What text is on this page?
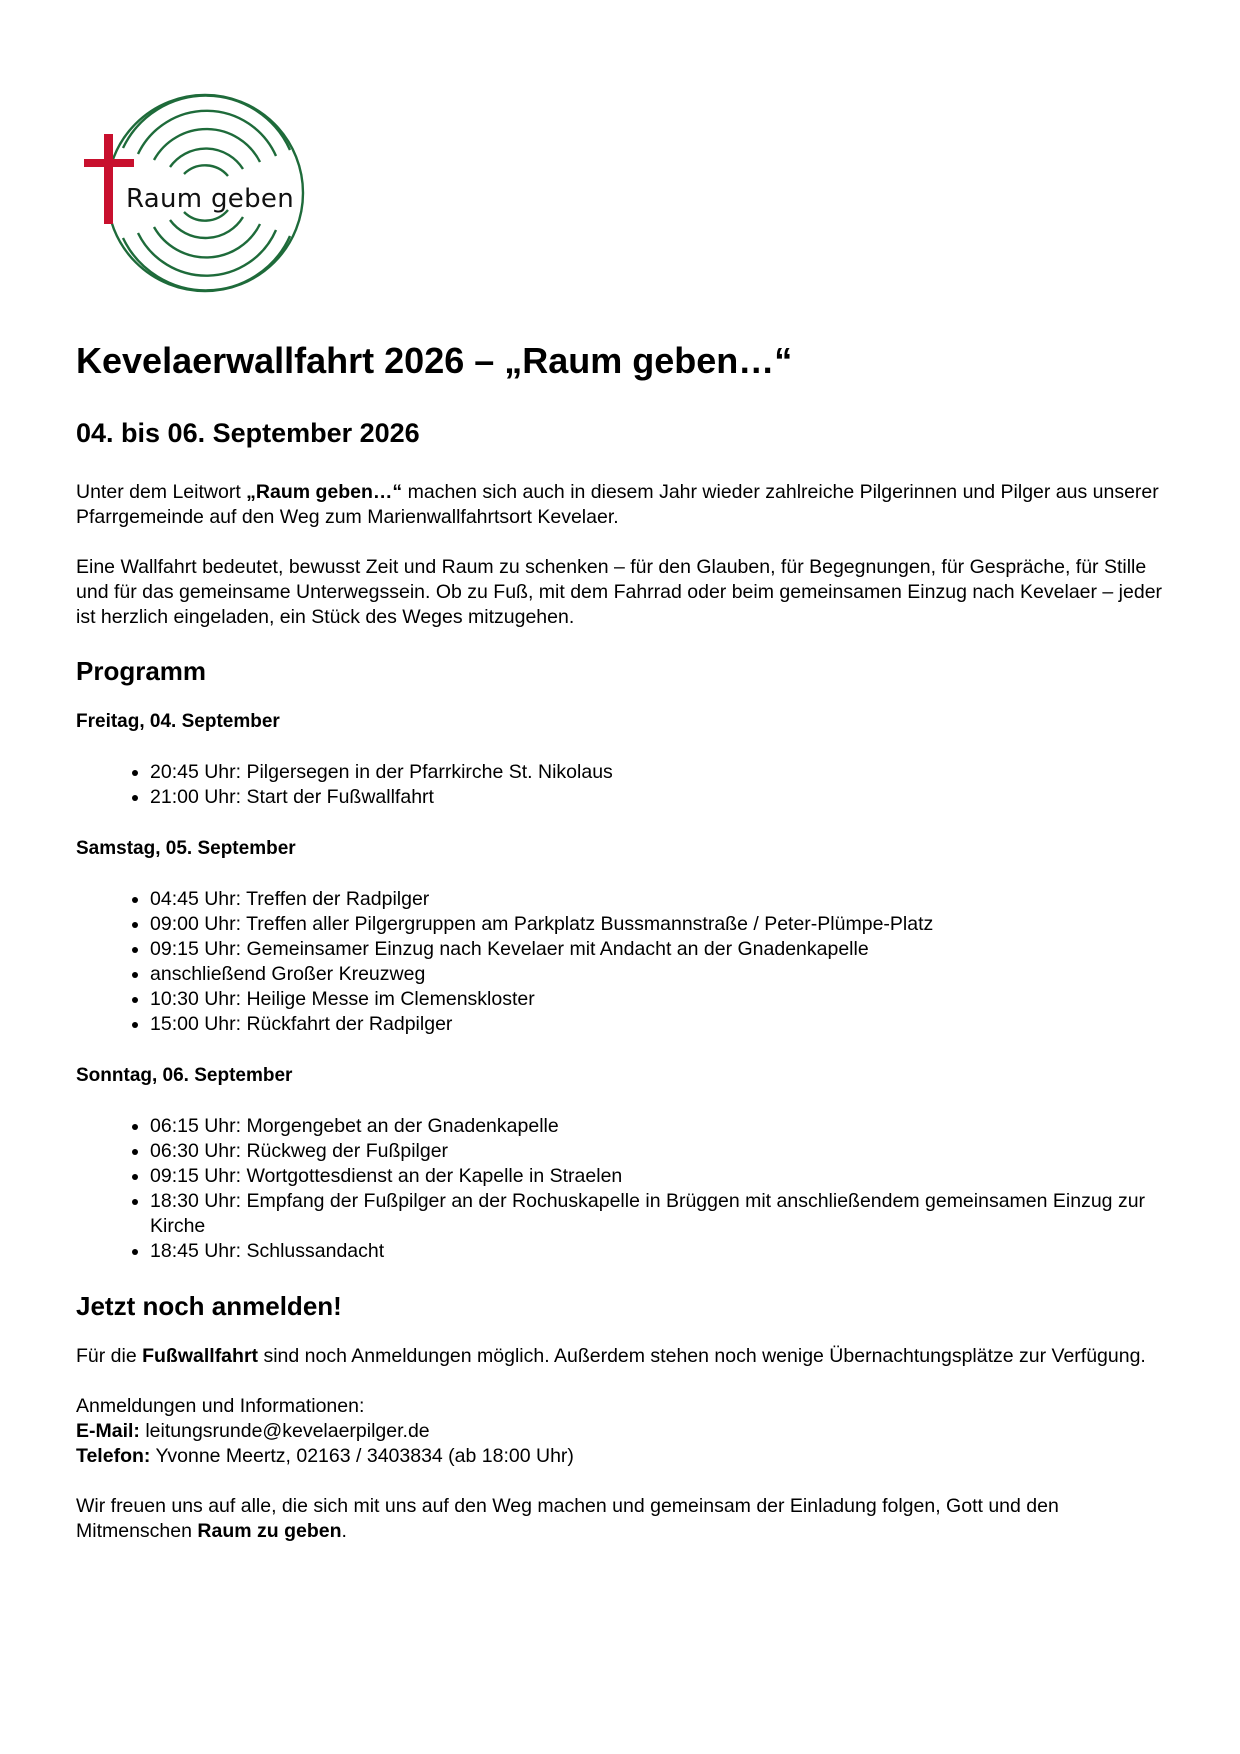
Raum geben
Kevelaerwallfahrt 2026 – „Raum geben…“
04. bis 06. September 2026

Unter dem Leitwort „Raum geben…“ machen sich auch in diesem Jahr wieder zahlreiche Pilgerinnen und Pilger aus unserer Pfarrgemeinde auf den Weg zum Marienwallfahrtsort Kevelaer.

Eine Wallfahrt bedeutet, bewusst Zeit und Raum zu schenken – für den Glauben, für Begegnungen, für Gespräche, für Stille und für das gemeinsame Unterwegssein. Ob zu Fuß, mit dem Fahrrad oder beim gemeinsamen Einzug nach Kevelaer – jeder ist herzlich eingeladen, ein Stück des Weges mitzugehen.

Programm
Freitag, 04. September
• 20:45 Uhr: Pilgersegen in der Pfarrkirche St. Nikolaus
• 21:00 Uhr: Start der Fußwallfahrt
Samstag, 05. September
• 04:45 Uhr: Treffen der Radpilger
• 09:00 Uhr: Treffen aller Pilgergruppen am Parkplatz Bussmannstraße / Peter-Plümpe-Platz
• 09:15 Uhr: Gemeinsamer Einzug nach Kevelaer mit Andacht an der Gnadenkapelle
• anschließend Großer Kreuzweg
• 10:30 Uhr: Heilige Messe im Clemenskloster
• 15:00 Uhr: Rückfahrt der Radpilger
Sonntag, 06. September
• 06:15 Uhr: Morgengebet an der Gnadenkapelle
• 06:30 Uhr: Rückweg der Fußpilger
• 09:15 Uhr: Wortgottesdienst an der Kapelle in Straelen
• 18:30 Uhr: Empfang der Fußpilger an der Rochuskapelle in Brüggen mit anschließendem gemeinsamen Einzug zur Kirche
• 18:45 Uhr: Schlussandacht
Jetzt noch anmelden!

Für die Fußwallfahrt sind noch Anmeldungen möglich. Außerdem stehen noch wenige Übernachtungsplätze zur Verfügung.

Anmeldungen und Informationen:
E-Mail: leitungsrunde@kevelaerpilger.de
Telefon: Yvonne Meertz, 02163 / 3403834 (ab 18:00 Uhr)

Wir freuen uns auf alle, die sich mit uns auf den Weg machen und gemeinsam der Einladung folgen, Gott und den Mitmenschen Raum zu geben.
